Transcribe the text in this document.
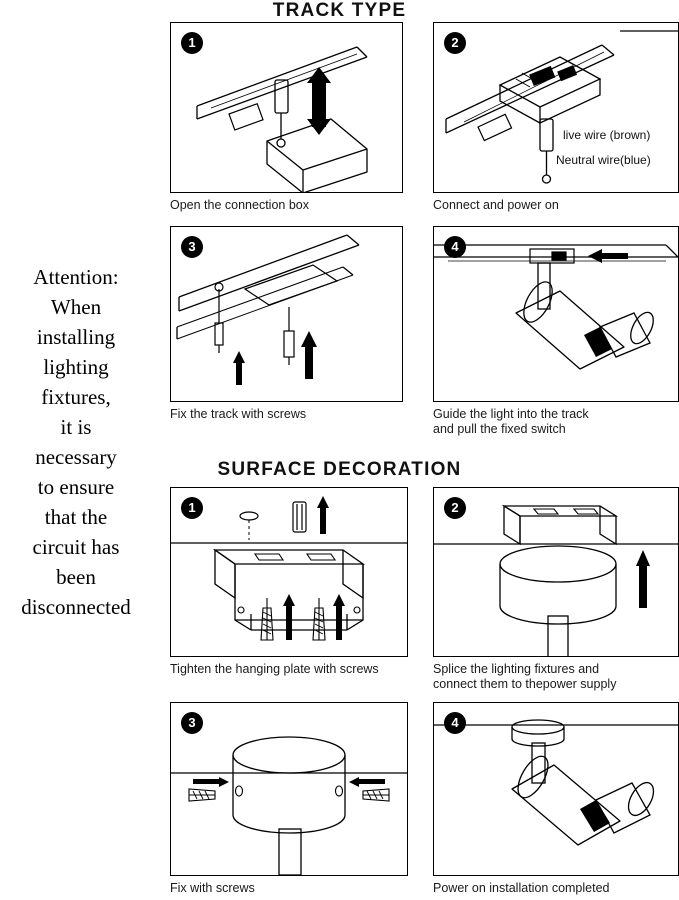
Attention:
When
installing
lighting
fixtures,
it is
necessary
to ensure
that the
circuit has
been
disconnected
TRACK TYPE
SURFACE DECORATION
1
Open the connection box
2
live wire (brown)
Neutral wire(blue)
Connect and power on
3
Fix the track with screws
4
Guide the light into the track
and pull the fixed switch
1
Tighten the hanging plate with screws
2
Splice the lighting fixtures and
connect them to thepower supply
3
Fix with screws
4
Power on installation completed
